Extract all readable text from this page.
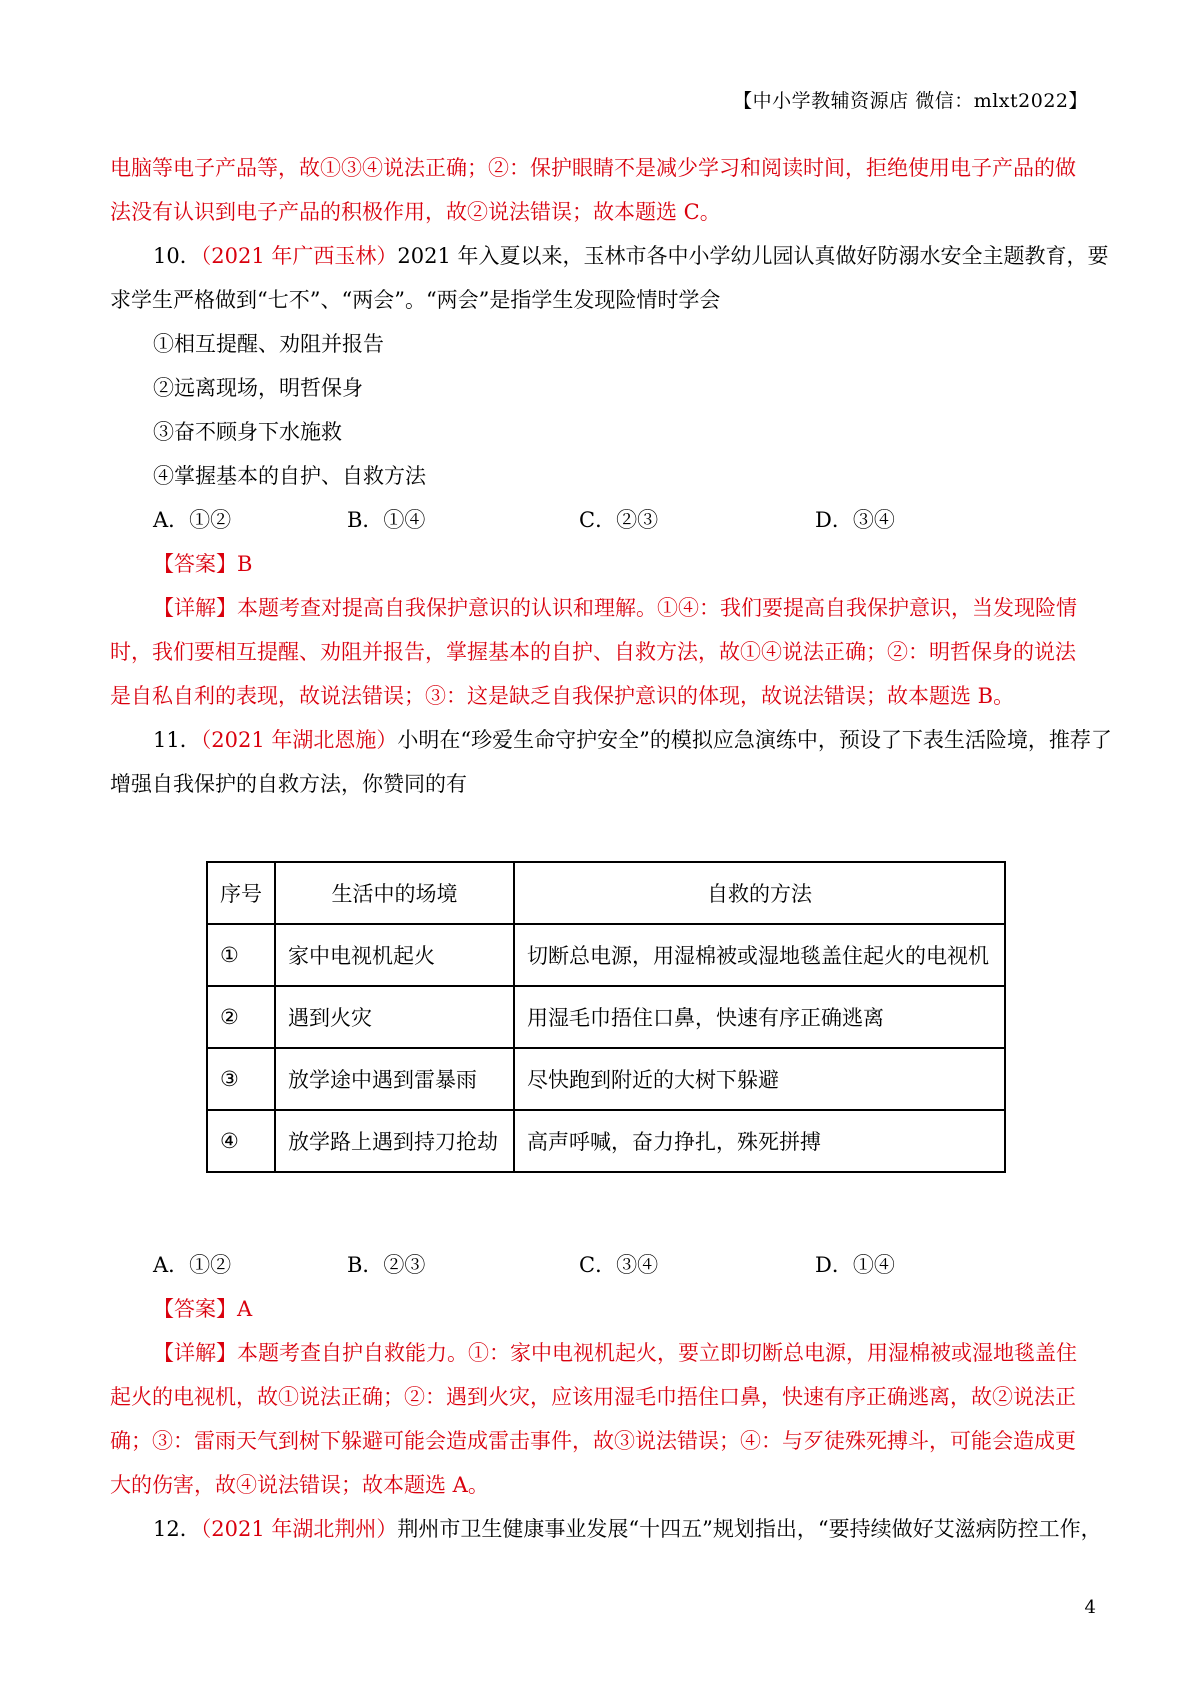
【中小学教辅资源店 微信：mlxt2022】
电脑等电子产品等，故①③④说法正确；②：保护眼睛不是减少学习和阅读时间，拒绝使用电子产品的做
法没有认识到电子产品的积极作用，故②说法错误；故本题选 C。
10．（2021 年广西玉林）2021 年入夏以来，玉林市各中小学幼儿园认真做好防溺水安全主题教育，要
求学生严格做到“七不”、“两会”。“两会”是指学生发现险情时学会
①相互提醒、劝阻并报告
②远离现场，明哲保身
③奋不顾身下水施救
④掌握基本的自护、自救方法
A．①②	B．①④	C．②③	D．③④
【答案】B
【详解】本题考查对提高自我保护意识的认识和理解。①④：我们要提高自我保护意识，当发现险情
时，我们要相互提醒、劝阻并报告，掌握基本的自护、自救方法，故①④说法正确；②：明哲保身的说法
是自私自利的表现，故说法错误；③：这是缺乏自我保护意识的体现，故说法错误；故本题选 B。
11．（2021 年湖北恩施）小明在“珍爱生命守护安全”的模拟应急演练中，预设了下表生活险境，推荐了
增强自我保护的自救方法，你赞同的有
序号	生活中的场境	自救的方法
①	家中电视机起火	切断总电源，用湿棉被或湿地毯盖住起火的电视机
②	遇到火灾	用湿毛巾捂住口鼻，快速有序正确逃离
③	放学途中遇到雷暴雨	尽快跑到附近的大树下躲避
④	放学路上遇到持刀抢劫	高声呼喊，奋力挣扎，殊死拼搏
A．①②	B．②③	C．③④	D．①④
【答案】A
【详解】本题考查自护自救能力。①：家中电视机起火，要立即切断总电源，用湿棉被或湿地毯盖住
起火的电视机，故①说法正确；②：遇到火灾，应该用湿毛巾捂住口鼻，快速有序正确逃离，故②说法正
确；③：雷雨天气到树下躲避可能会造成雷击事件，故③说法错误；④：与歹徒殊死搏斗，可能会造成更
大的伤害，故④说法错误；故本题选 A。
12．（2021 年湖北荆州）荆州市卫生健康事业发展“十四五”规划指出，“要持续做好艾滋病防控工作，
4
